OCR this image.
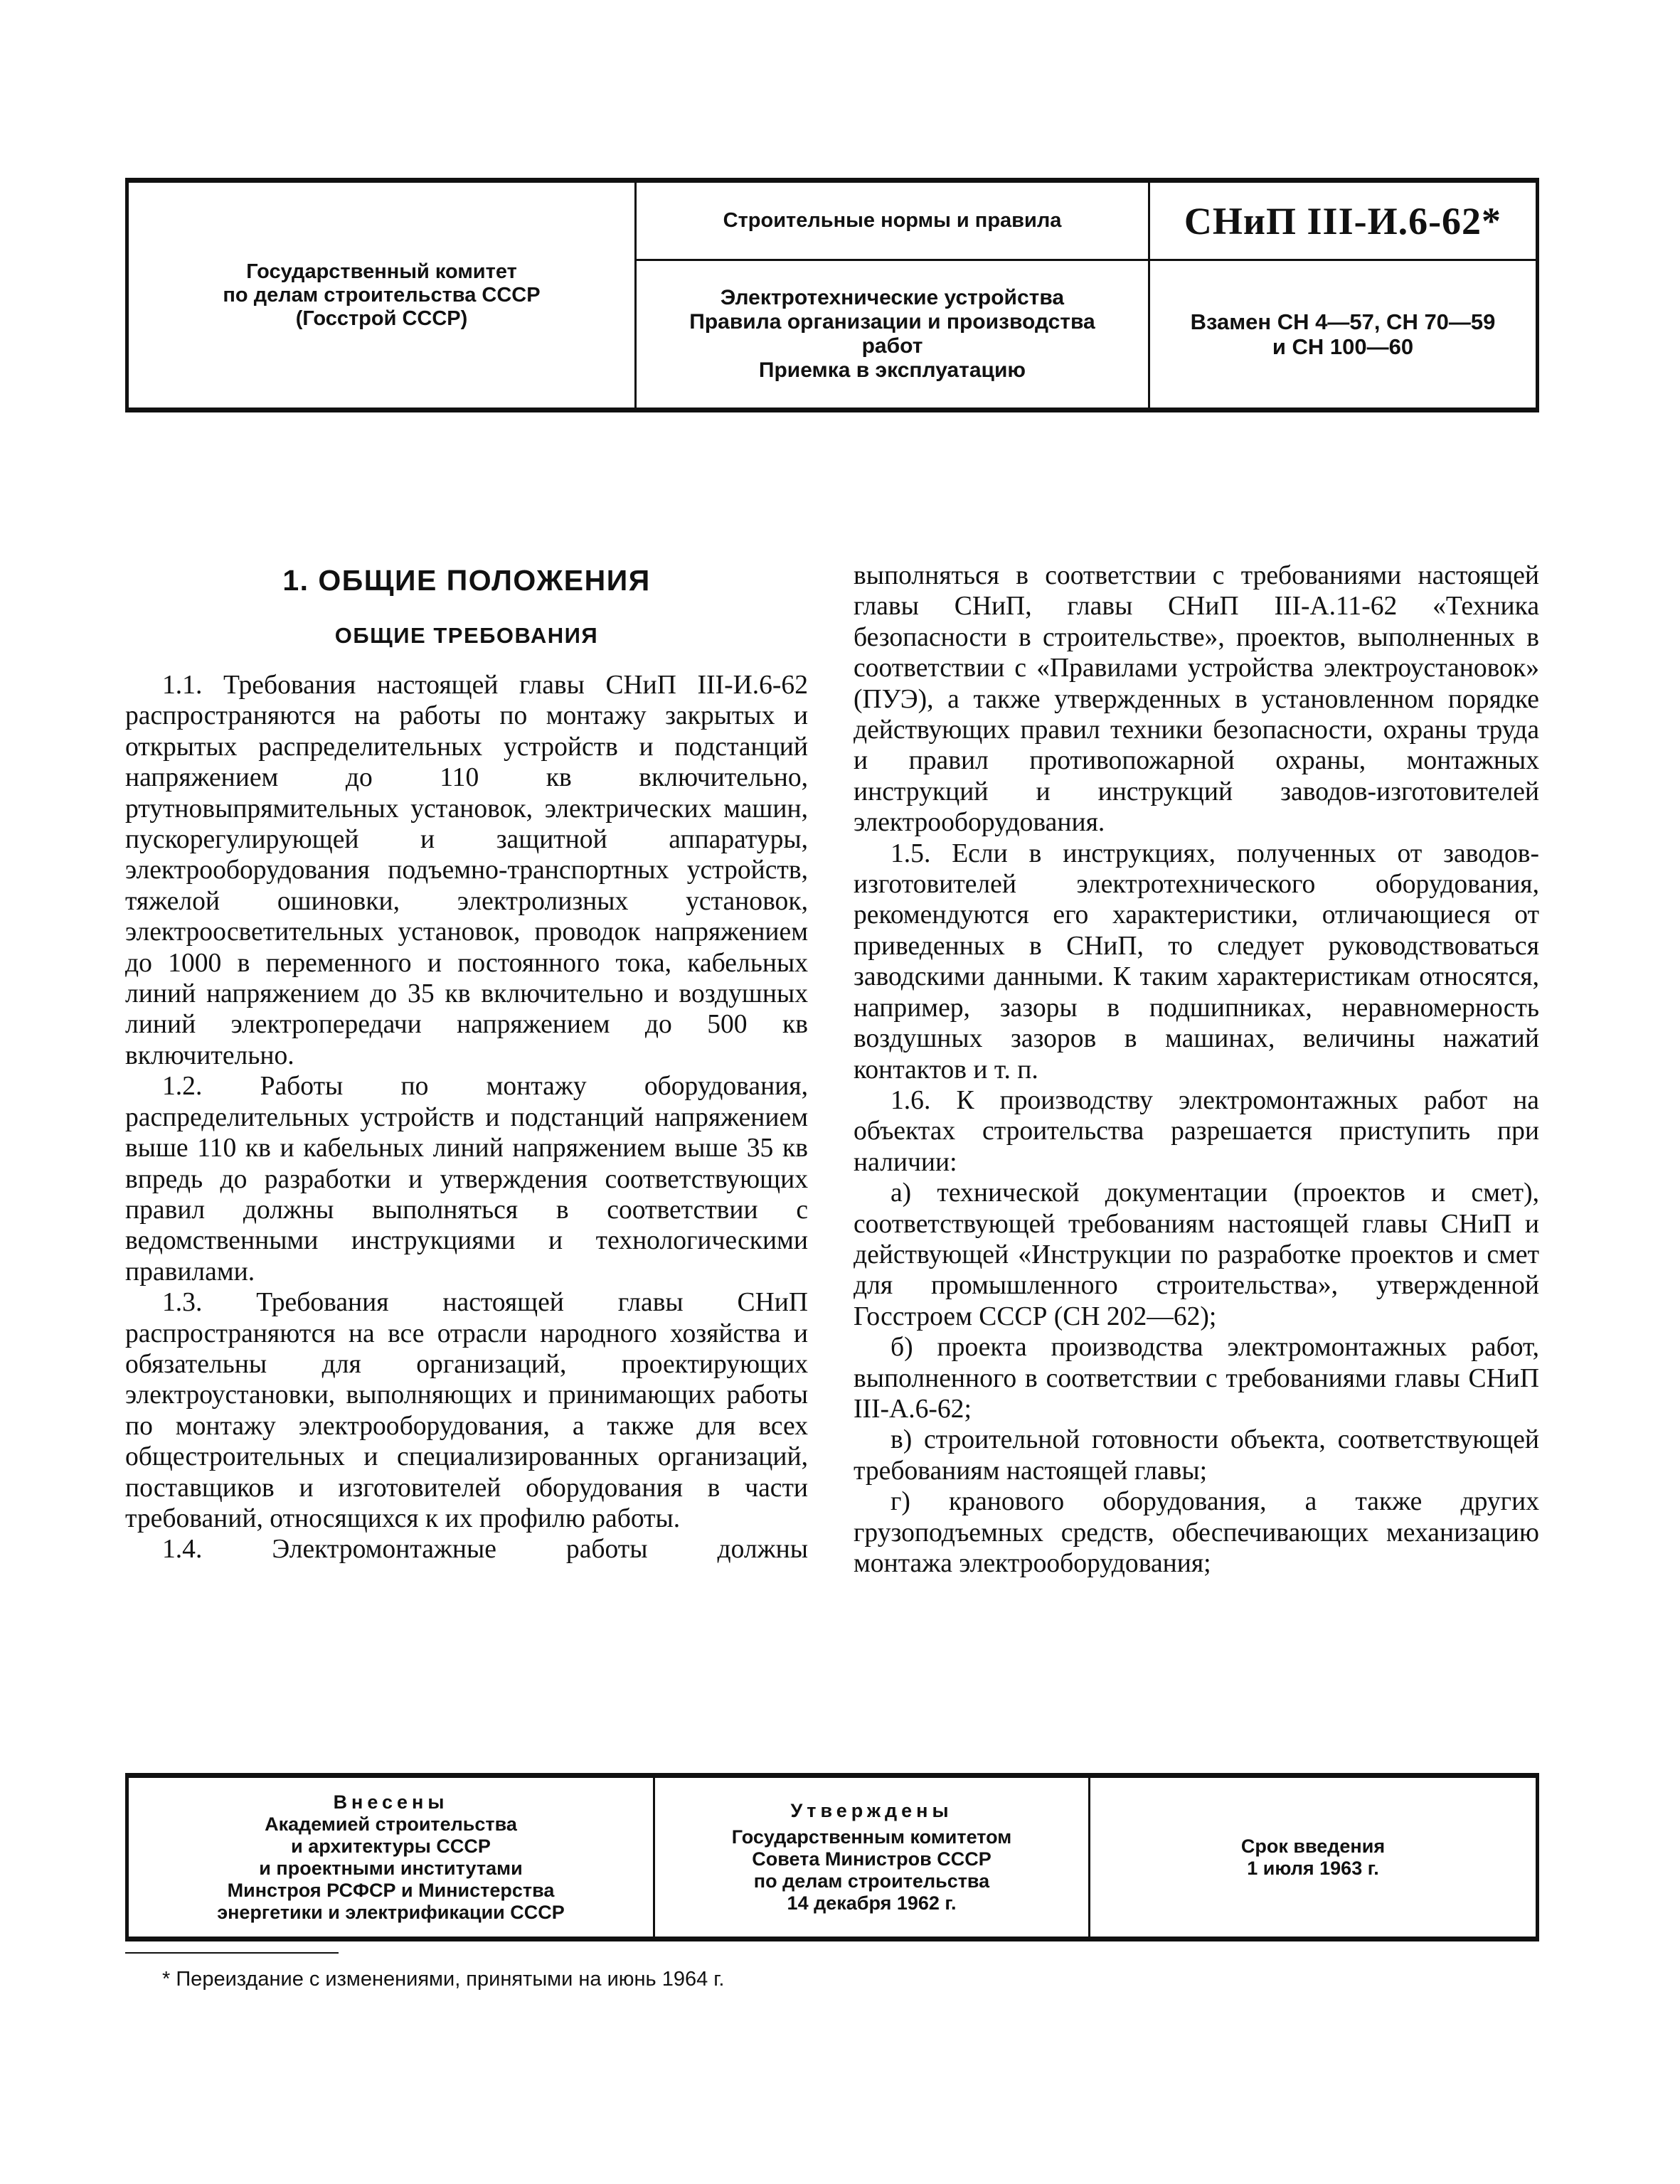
Государственный комитет
по делам строительства СССР
(Госстрой СССР)
Строительные нормы и правила
Электротехнические устройства
Правила организации и производства
работ
Приемка в эксплуатацию
СНиП III-И.6-62*
Взамен СН 4—57, СН 70—59
и СН 100—60
1. ОБЩИЕ ПОЛОЖЕНИЯ
ОБЩИЕ ТРЕБОВАНИЯ

1.1. Требования настоящей главы СНиП III-И.6-62 распространяются на работы по монтажу закрытых и открытых распределительных устройств и подстанций напряжением до 110 кв включительно, ртутновыпрямительных установок, электрических машин, пускорегулирующей и защитной аппаратуры, электрооборудования подъемно-транспортных устройств, тяжелой ошиновки, электролизных установок, электроосветительных установок, проводок напряжением до 1000 в переменного и постоянного тока, кабельных линий напряжением до 35 кв включительно и воздушных линий электропередачи напряжением до 500 кв включительно.

1.2. Работы по монтажу оборудования, распределительных устройств и подстанций напряжением выше 110 кв и кабельных линий напряжением выше 35 кв впредь до разработки и утверждения соответствующих правил должны выполняться в соответствии с ведомственными инструкциями и технологическими правилами.

1.3. Требования настоящей главы СНиП распространяются на все отрасли народного хозяйства и обязательны для организаций, проектирующих электроустановки, выполняющих и принимающих работы по монтажу электрооборудования, а также для всех общестроительных и специализированных организаций, поставщиков и изготовителей оборудования в части требований, относящихся к их профилю работы.

1.4. Электромонтажные работы должны

выполняться в соответствии с требованиями настоящей главы СНиП, главы СНиП III-А.11-62 «Техника безопасности в строительстве», проектов, выполненных в соответствии с «Правилами устройства электроустановок» (ПУЭ), а также утвержденных в установленном порядке действующих правил техники безопасности, охраны труда и правил противопожарной охраны, монтажных инструкций и инструкций заводов-изготовителей электрооборудования.

1.5. Если в инструкциях, полученных от заводов-изготовителей электротехнического оборудования, рекомендуются его характеристики, отличающиеся от приведенных в СНиП, то следует руководствоваться заводскими данными. К таким характеристикам относятся, например, зазоры в подшипниках, неравномерность воздушных зазоров в машинах, величины нажатий контактов и т. п.

1.6. К производству электромонтажных работ на объектах строительства разрешается приступить при наличии:

а) технической документации (проектов и смет), соответствующей требованиям настоящей главы СНиП и действующей «Инструкции по разработке проектов и смет для промышленного строительства», утвержденной Госстроем СССР (СН 202—62);

б) проекта производства электромонтажных работ, выполненного в соответствии с требованиями главы СНиП III-А.6-62;

в) строительной готовности объекта, соответствующей требованиям настоящей главы;

г) кранового оборудования, а также других грузоподъемных средств, обеспечивающих механизацию монтажа электрооборудования;

Внесены
Академией строительства
и архитектуры СССР
и проектными институтами
Минстроя РСФСР и Министерства
энергетики и электрификации СССР
Утверждены
Государственным комитетом
Совета Министров СССР
по делам строительства
14 декабря 1962 г.
Срок введения
1 июля 1963 г.
* Переиздание с изменениями, принятыми на июнь 1964 г.
